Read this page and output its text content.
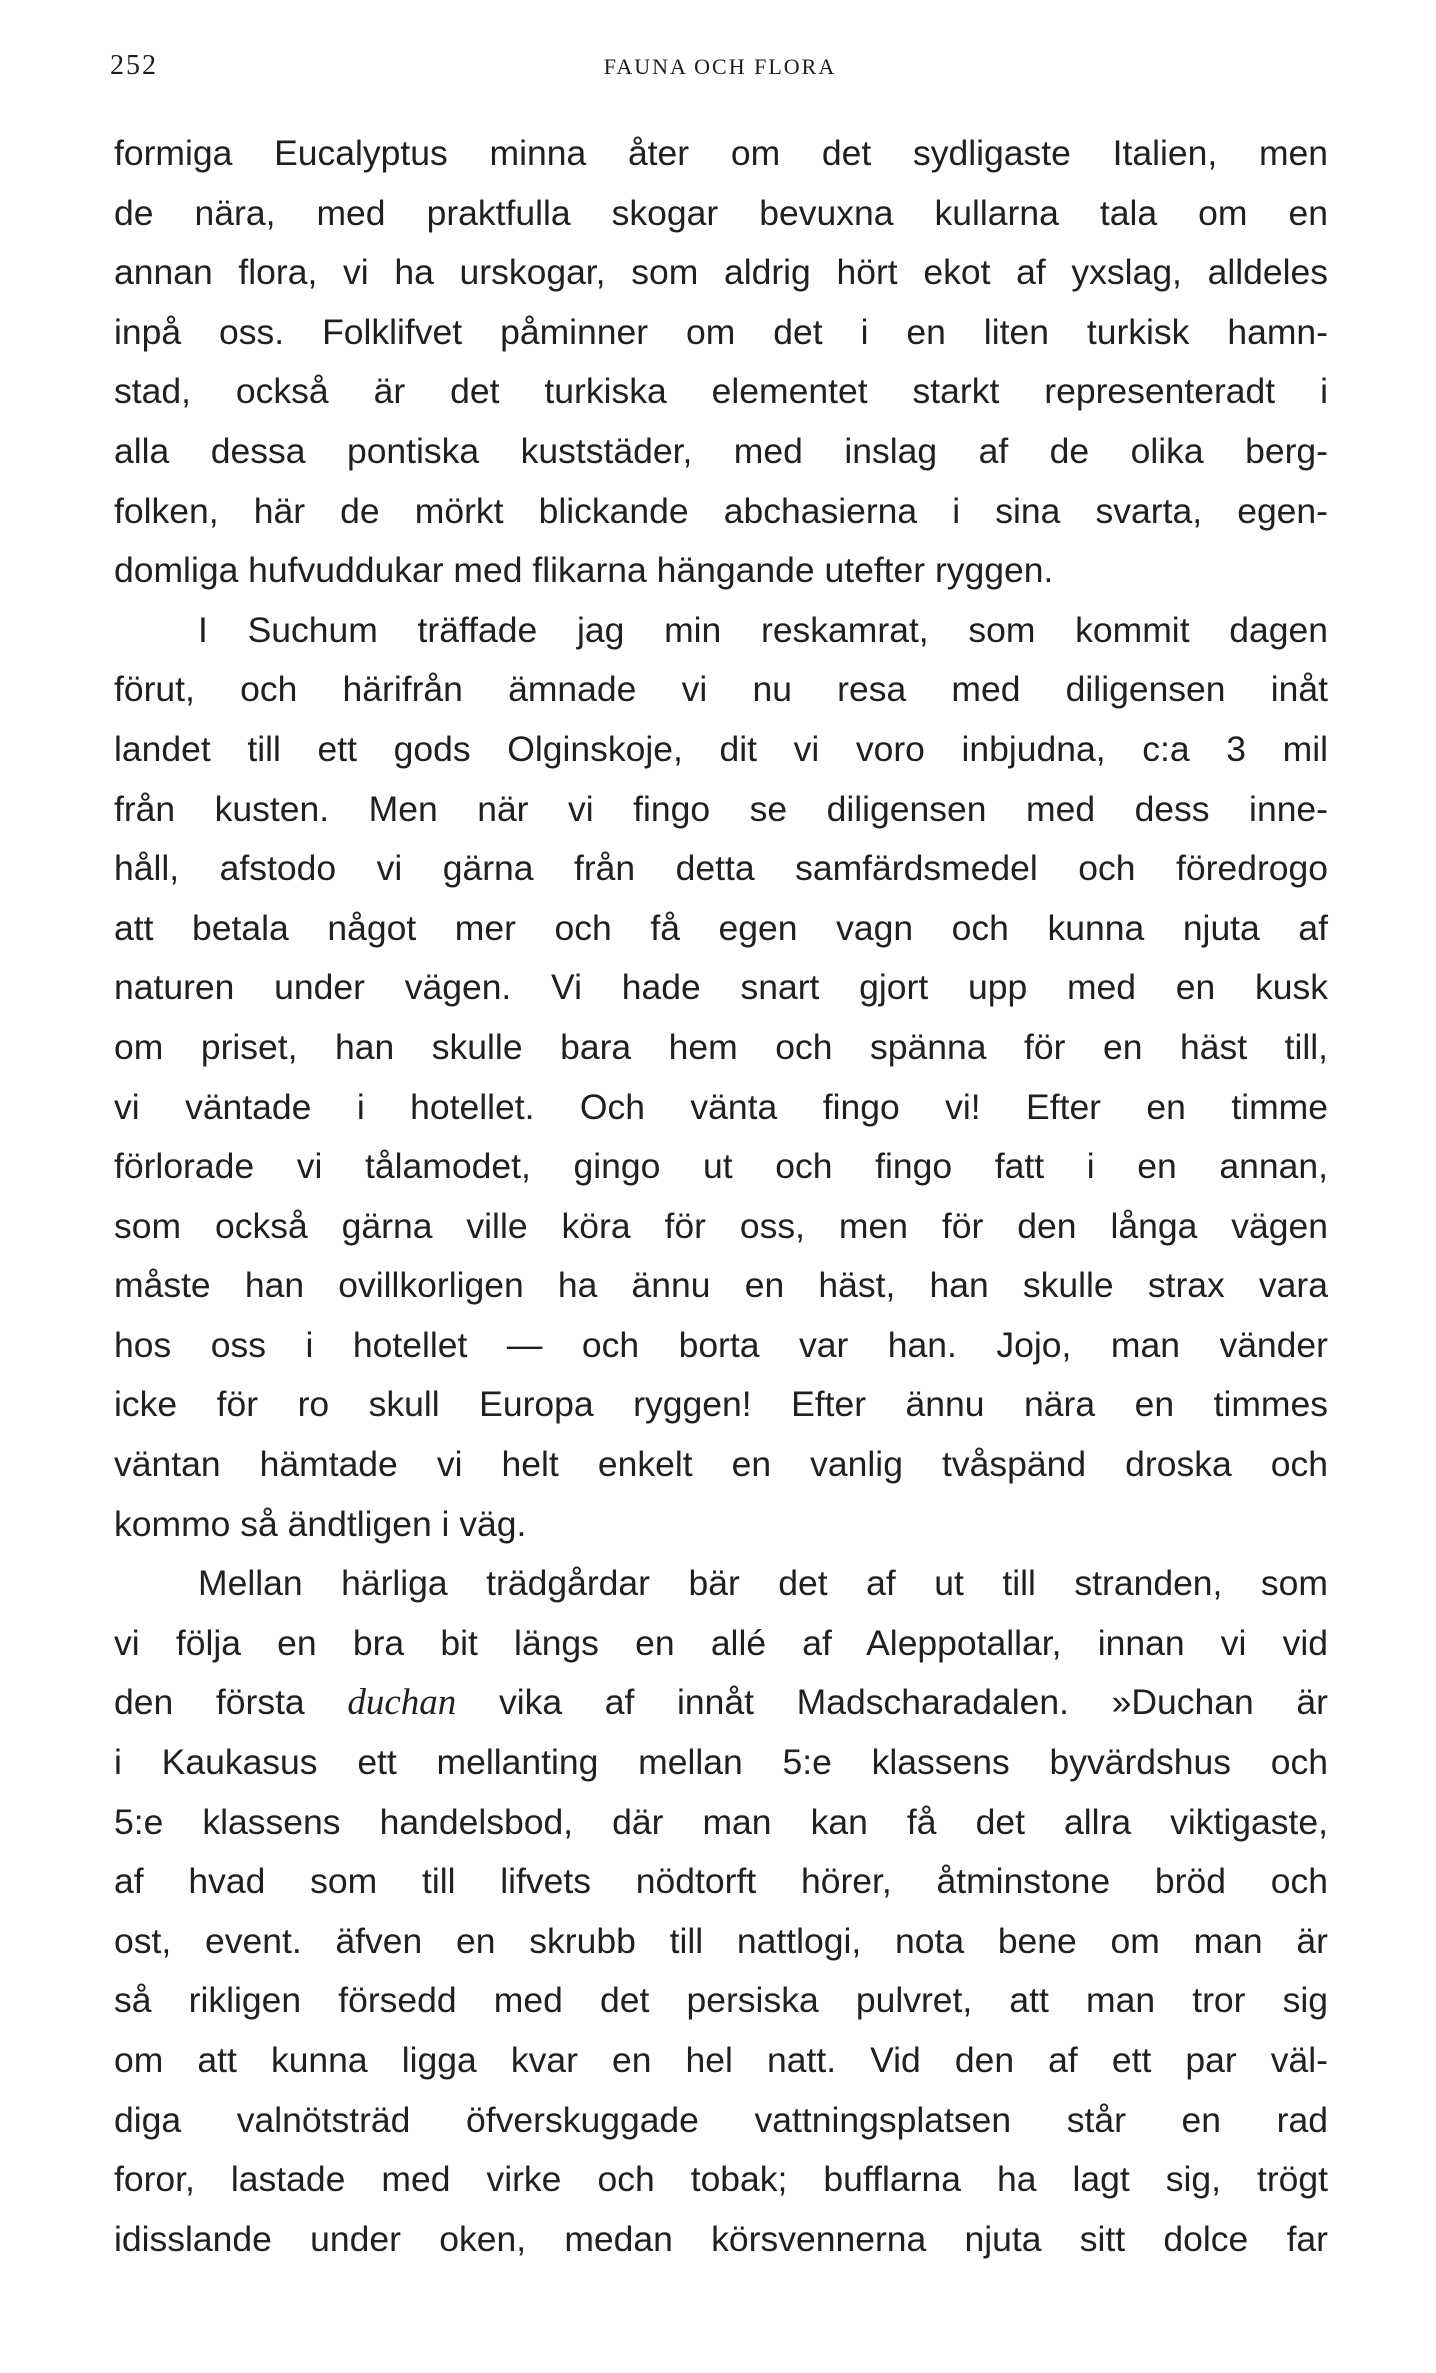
252	FAUNA OCH FLORA

formiga Eucalyptus minna åter om det sydligaste Italien, men
de nära, med praktfulla skogar bevuxna kullarna tala om en
annan flora, vi ha urskogar, som aldrig hört ekot af yxslag, alldeles
inpå oss. Folklifvet påminner om det i en liten turkisk hamn-
stad, också är det turkiska elementet starkt representeradt i
alla dessa pontiska kuststäder, med inslag af de olika berg-
folken, här de mörkt blickande abchasierna i sina svarta, egen-
domliga hufvuddukar med flikarna hängande utefter ryggen.

I Suchum träffade jag min reskamrat, som kommit dagen
förut, och härifrån ämnade vi nu resa med diligensen inåt
landet till ett gods Olginskoje, dit vi voro inbjudna, c:a 3 mil
från kusten. Men när vi fingo se diligensen med dess inne-
håll, afstodo vi gärna från detta samfärdsmedel och föredrogo
att betala något mer och få egen vagn och kunna njuta af
naturen under vägen. Vi hade snart gjort upp med en kusk
om priset, han skulle bara hem och spänna för en häst till,
vi väntade i hotellet. Och vänta fingo vi! Efter en timme
förlorade vi tålamodet, gingo ut och fingo fatt i en annan,
som också gärna ville köra för oss, men för den långa vägen
måste han ovillkorligen ha ännu en häst, han skulle strax vara
hos oss i hotellet — och borta var han. Jojo, man vänder
icke för ro skull Europa ryggen! Efter ännu nära en timmes
väntan hämtade vi helt enkelt en vanlig tvåspänd droska och
kommo så ändtligen i väg.

Mellan härliga trädgårdar bär det af ut till stranden, som
vi följa en bra bit längs en allé af Aleppotallar, innan vi vid
den första duchan vika af innåt Madscharadalen. »Duchan är
i Kaukasus ett mellanting mellan 5:e klassens byvärdshus och
5:e klassens handelsbod, där man kan få det allra viktigaste,
af hvad som till lifvets nödtorft hörer, åtminstone bröd och
ost, event. äfven en skrubb till nattlogi, nota bene om man är
så rikligen försedd med det persiska pulvret, att man tror sig
om att kunna ligga kvar en hel natt. Vid den af ett par väl-
diga valnötsträd öfverskuggade vattningsplatsen står en rad
foror, lastade med virke och tobak; bufflarna ha lagt sig, trögt
idisslande under oken, medan körsvennerna njuta sitt dolce far
